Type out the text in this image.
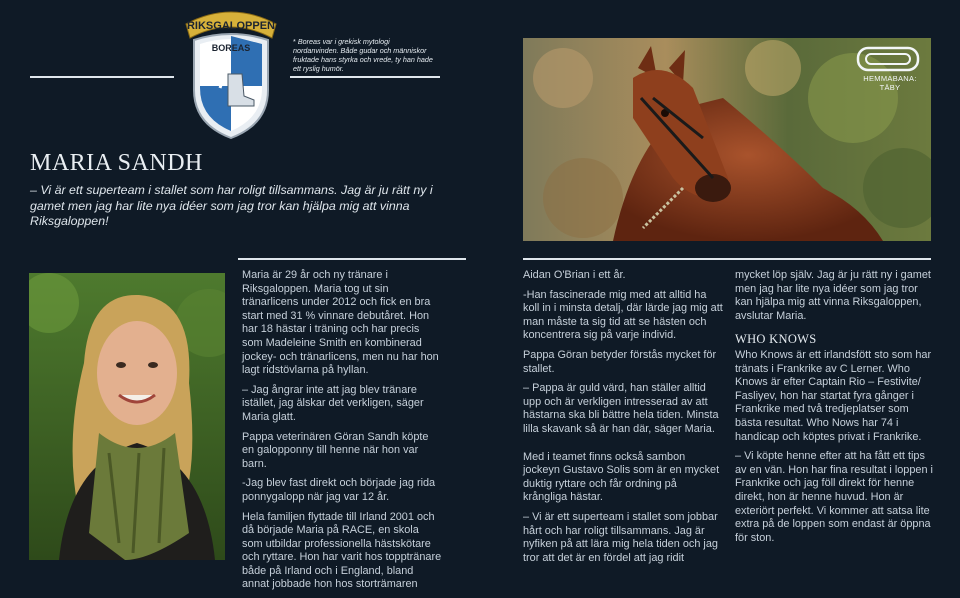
RIKSGALOPPEN
BOREAS
* Boreas var i grekisk mytologi nordanvinden. Både gudar och människor fruktade hans styrka och vrede, ty han hade ett ryslig humör.
MARIA SANDH
– Vi är ett superteam i stallet som har roligt tillsammans. Jag är ju rätt ny i gamet men jag har lite nya idéer som jag tror kan hjälpa mig att vinna Riksgaloppen!
HEMMABANA: TÄBY

Maria är 29 år och ny tränare i Riksgaloppen. Maria tog ut sin tränarlicens under 2012 och fick en bra start med 31 % vinnare debutåret. Hon har 18 hästar i träning och har precis som Madeleine Smith en kombinerad jockey- och tränarlicens, men nu har hon lagt ridstövlarna på hyllan.

– Jag ångrar inte att jag blev tränare istället, jag älskar det verkligen, säger Maria glatt.

Pappa veterinären Göran Sandh köpte en galopponny till henne när hon var barn.

-Jag blev fast direkt och började jag rida ponnygalopp när jag var 12 år.

Hela familjen flyttade till Irland 2001 och då började Maria på RACE, en skola som utbildar professionella hästskötare och ryttare. Hon har varit hos topptränare både på Irland och i England, bland annat jobbade hon hos storträmaren

Aidan O'Brian i ett år.

-Han fascinerade mig med att alltid ha koll in i minsta detalj, där lärde jag mig att man måste ta sig tid att se hästen och koncentrera sig på varje individ.

Pappa Göran betyder förstås mycket för stallet.

– Pappa är guld värd, han ställer alltid upp och är verkligen intresserad av att hästarna ska bli bättre hela tiden. Minsta lilla skavank så är han där, säger Maria.

Med i teamet finns också sambon jockeyn Gustavo Solis som är en mycket duktig ryttare och får ordning på krångliga hästar.

– Vi är ett superteam i stallet som jobbar hårt och har roligt tillsammans. Jag är nyfiken på att lära mig hela tiden och jag tror att det är en fördel att jag ridit

mycket löp själv. Jag är ju rätt ny i gamet men jag har lite nya idéer som jag tror kan hjälpa mig att vinna Riksgaloppen, avslutar Maria.

WHO KNOWS

Who Knows är ett irlandsfött sto som har tränats i Frankrike av C Lerner. Who Knows är efter Captain Rio – Festivite/ Fasliyev, hon har startat fyra gånger i Frankrike med två tredjeplatser som bästa resultat. Who Nows har 74 i handicap och köptes privat i Frankrike.

– Vi köpte henne efter att ha fått ett tips av en vän. Hon har fina resultat i loppen i Frankrike och jag föll direkt för henne direkt, hon är henne huvud. Hon är exteriört perfekt. Vi kommer att satsa lite extra på de loppen som endast är öppna för ston.
